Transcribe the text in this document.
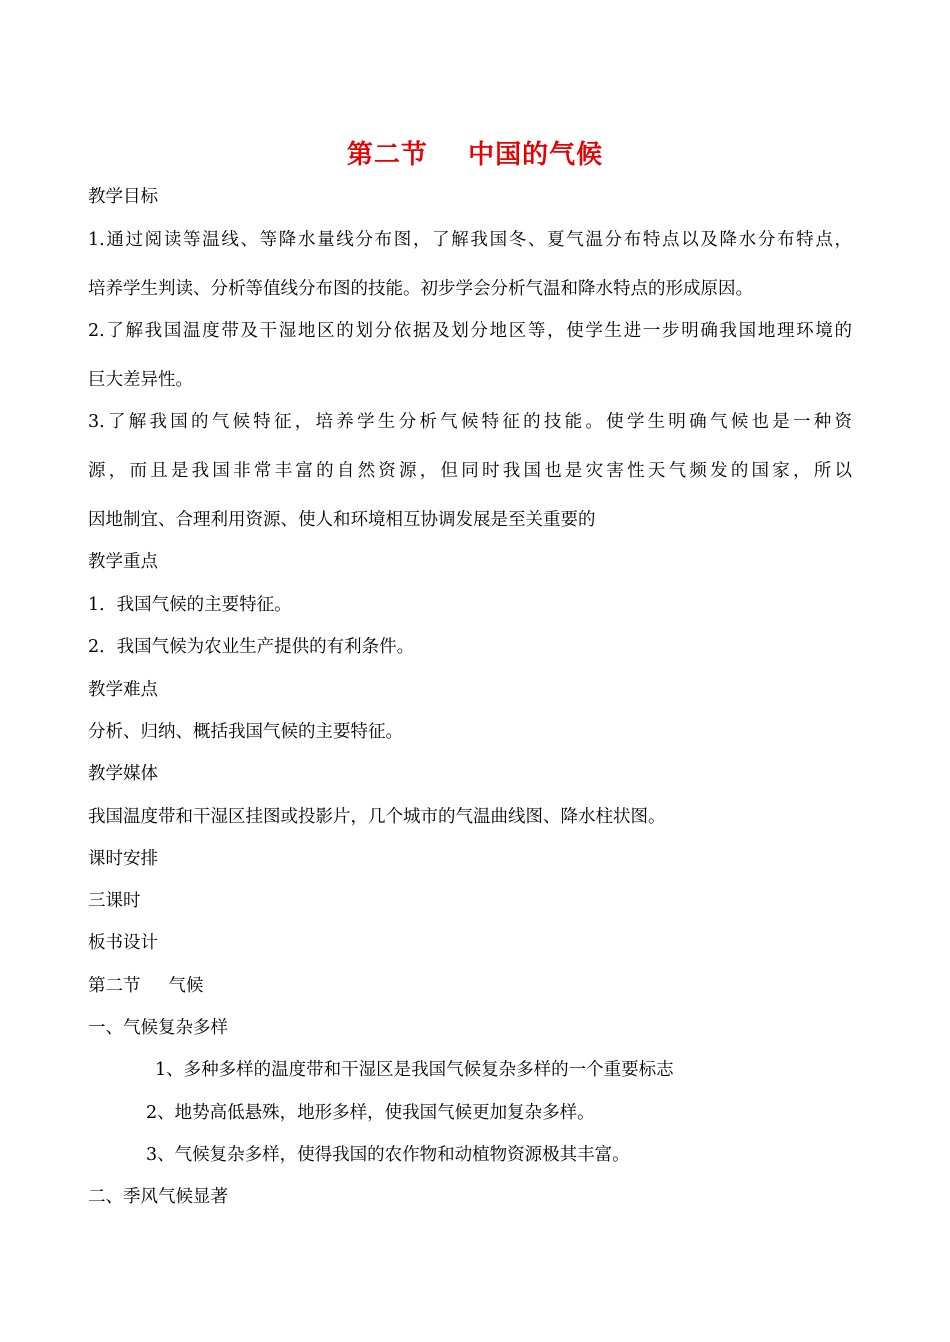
第二节    中国的气候
教学目标
1.通过阅读等温线、等降水量线分布图，了解我国冬、夏气温分布特点以及降水分布特点，
培养学生判读、分析等值线分布图的技能。初步学会分析气温和降水特点的形成原因。
2.了解我国温度带及干湿地区的划分依据及划分地区等，使学生进一步明确我国地理环境的
巨大差异性。
3.了解我国的气候特征，培养学生分析气候特征的技能。使学生明确气候也是一种资
源，而且是我国非常丰富的自然资源，但同时我国也是灾害性天气频发的国家，所以
因地制宜、合理利用资源、使人和环境相互协调发展是至关重要的
教学重点
1．我国气候的主要特征。
2．我国气候为农业生产提供的有利条件。
教学难点
分析、归纳、概括我国气候的主要特征。
教学媒体
我国温度带和干湿区挂图或投影片，几个城市的气温曲线图、降水柱状图。
课时安排
三课时
板书设计
第二节     气候
一、气候复杂多样
1、多种多样的温度带和干湿区是我国气候复杂多样的一个重要标志
2、地势高低悬殊，地形多样，使我国气候更加复杂多样。
3、气候复杂多样，使得我国的农作物和动植物资源极其丰富。
二、季风气候显著
